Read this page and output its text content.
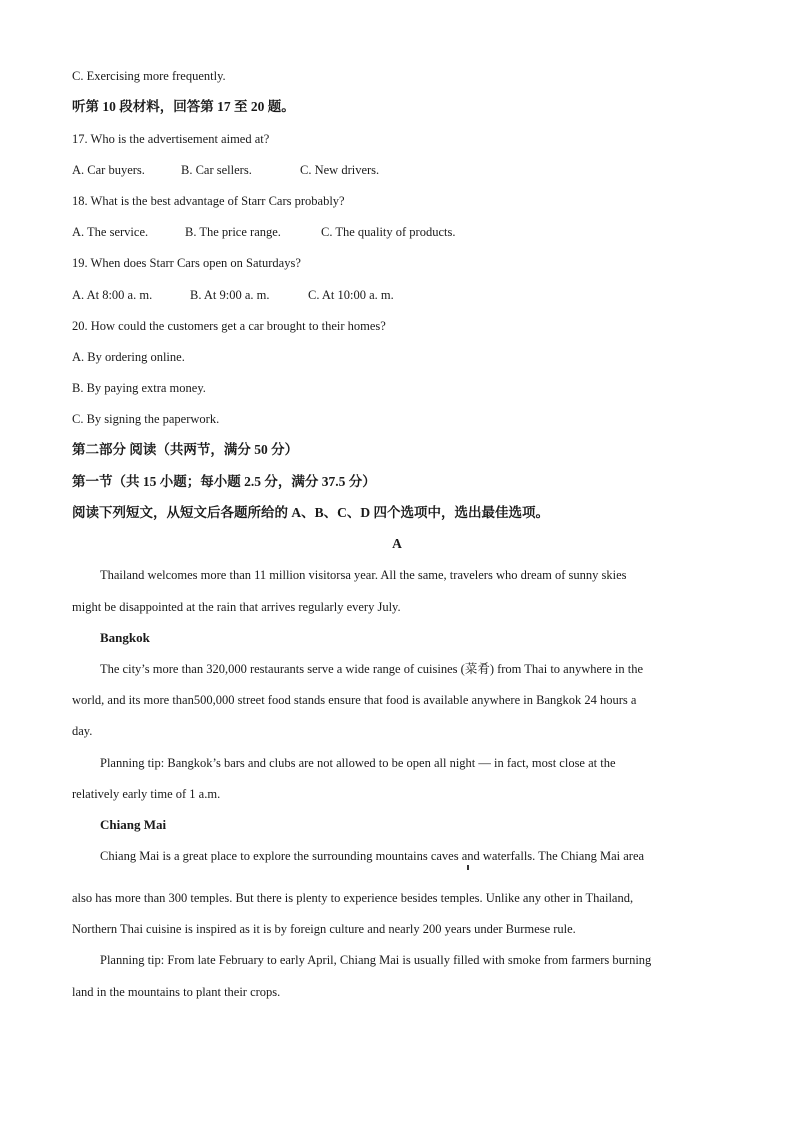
C. Exercising more frequently.
听第 10 段材料，回答第 17 至 20 题。
17. Who is the advertisement aimed at?
A. Car buyers.	B. Car sellers.	C. New drivers.
18. What is the best advantage of Starr Cars probably?
A. The service.	B. The price range.	C. The quality of products.
19. When does Starr Cars open on Saturdays?
A. At 8:00 a. m.	B. At 9:00 a. m.	C. At 10:00 a. m.
20. How could the customers get a car brought to their homes?
A. By ordering online.
B. By paying extra money.
C. By signing the paperwork.
第二部分 阅读（共两节，满分 50 分）
第一节（共 15 小题；每小题 2.5 分，满分 37.5 分）
阅读下列短文，从短文后各题所给的 A、B、C、D 四个选项中，选出最佳选项。
A
Thailand welcomes more than 11 million visitorsa year. All the same, travelers who dream of sunny skies
might be disappointed at the rain that arrives regularly every July.
Bangkok
The city’s more than 320,000 restaurants serve a wide range of cuisines (菜肴) from Thai to anywhere in the
world, and its more than500,000 street food stands ensure that food is available anywhere in Bangkok 24 hours a
day.
Planning tip: Bangkok’s bars and clubs are not allowed to be open all night — in fact, most close at the
relatively early time of 1 a.m.
Chiang Mai
Chiang Mai is a great place to explore the surrounding mountains caves and waterfalls. The Chiang Mai area
also has more than 300 temples. But there is plenty to experience besides temples. Unlike any other in Thailand,
Northern Thai cuisine is inspired as it is by foreign culture and nearly 200 years under Burmese rule.
Planning tip: From late February to early April, Chiang Mai is usually filled with smoke from farmers burning
land in the mountains to plant their crops.
